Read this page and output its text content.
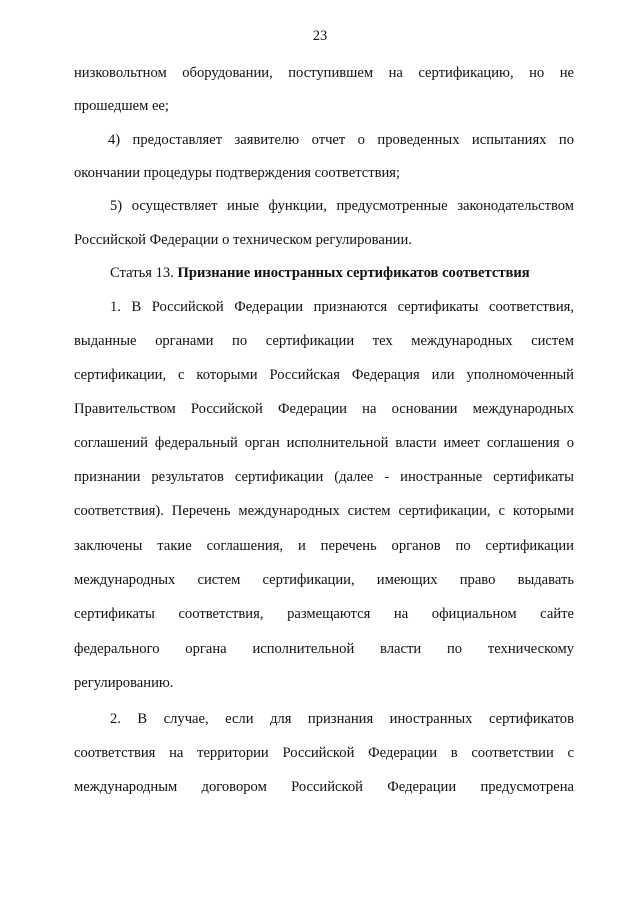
23
низковольтном оборудовании, поступившем на сертификацию, но не
прошедшем ее;
4) предоставляет заявителю отчет о проведенных испытаниях по
окончании процедуры подтверждения соответствия;
5) осуществляет иные функции, предусмотренные законодательством
Российской Федерации о техническом регулировании.
Статья 13. Признание иностранных сертификатов соответствия
1. В Российской Федерации признаются сертификаты соответствия,
выданные органами по сертификации тех международных систем
сертификации, с которыми Российская Федерация или уполномоченный
Правительством Российской Федерации на основании международных
соглашений федеральный орган исполнительной власти имеет соглашения о
признании результатов сертификации (далее - иностранные сертификаты
соответствия). Перечень международных систем сертификации, с которыми
заключены такие соглашения, и перечень органов по сертификации
международных систем сертификации, имеющих право выдавать
сертификаты соответствия, размещаются на официальном сайте
федерального органа исполнительной власти по техническому
регулированию.
2. В случае, если для признания иностранных сертификатов
соответствия на территории Российской Федерации в соответствии с
международным договором Российской Федерации предусмотрена
